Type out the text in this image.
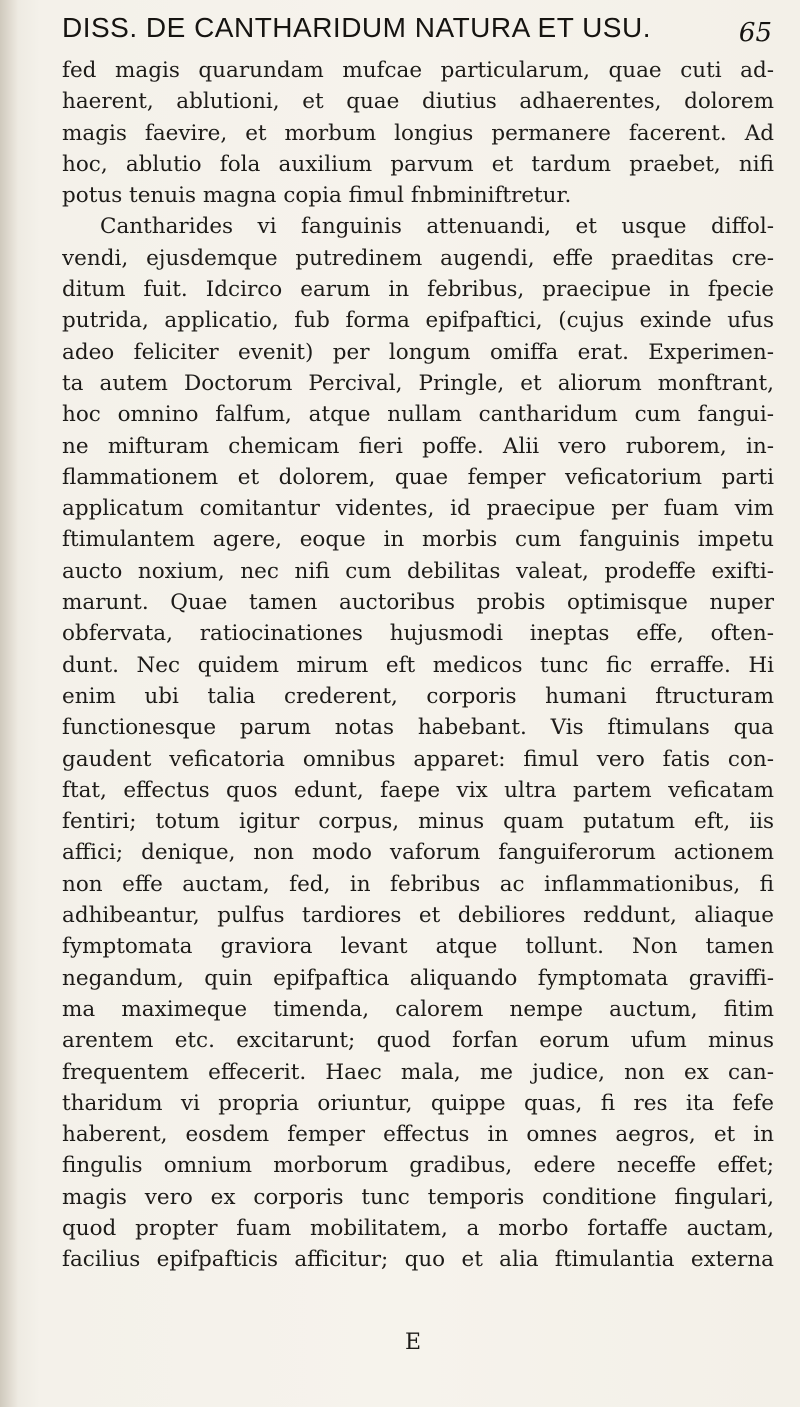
DISS. DE CANTHARIDUM NATURA ET USU.	65
fed magis quarundam mufcae particularum, quae cuti ad-
haerent, ablutioni, et quae diutius adhaerentes, dolorem
magis faevire, et morbum longius permanere facerent. Ad
hoc, ablutio fola auxilium parvum et tardum praebet, nifi
potus tenuis magna copia fimul fnbminiftretur.
Cantharides vi fanguinis attenuandi, et usque diffol-
vendi, ejusdemque putredinem augendi, effe praeditas cre-
ditum fuit. Idcirco earum in febribus, praecipue in fpecie
putrida, applicatio, fub forma epifpaftici, (cujus exinde ufus
adeo feliciter evenit) per longum omiffa erat. Experimen-
ta autem Doctorum Percival, Pringle, et aliorum monftrant,
hoc omnino falfum, atque nullam cantharidum cum fangui-
ne mifturam chemicam fieri poffe. Alii vero ruborem, in-
flammationem et dolorem, quae femper veficatorium parti
applicatum comitantur videntes, id praecipue per fuam vim
ftimulantem agere, eoque in morbis cum fanguinis impetu
aucto noxium, nec nifi cum debilitas valeat, prodeffe exifti-
marunt. Quae tamen auctoribus probis optimisque nuper
obfervata, ratiocinationes hujusmodi ineptas effe, often-
dunt. Nec quidem mirum eft medicos tunc fic erraffe. Hi
enim ubi talia crederent, corporis humani ftructuram
functionesque parum notas habebant. Vis ftimulans qua
gaudent veficatoria omnibus apparet: fimul vero fatis con-
ftat, effectus quos edunt, faepe vix ultra partem veficatam
fentiri; totum igitur corpus, minus quam putatum eft, iis
affici; denique, non modo vaforum fanguiferorum actionem
non effe auctam, fed, in febribus ac inflammationibus, fi
adhibeantur, pulfus tardiores et debiliores reddunt, aliaque
fymptomata graviora levant atque tollunt. Non tamen
negandum, quin epifpaftica aliquando fymptomata graviffi-
ma maximeque timenda, calorem nempe auctum, fitim
arentem etc. excitarunt; quod forfan eorum ufum minus
frequentem effecerit. Haec mala, me judice, non ex can-
tharidum vi propria oriuntur, quippe quas, fi res ita fefe
haberent, eosdem femper effectus in omnes aegros, et in
fingulis omnium morborum gradibus, edere neceffe effet;
magis vero ex corporis tunc temporis conditione fingulari,
quod propter fuam mobilitatem, a morbo fortaffe auctam,
facilius epifpafticis afficitur; quo et alia ftimulantia externa
E
